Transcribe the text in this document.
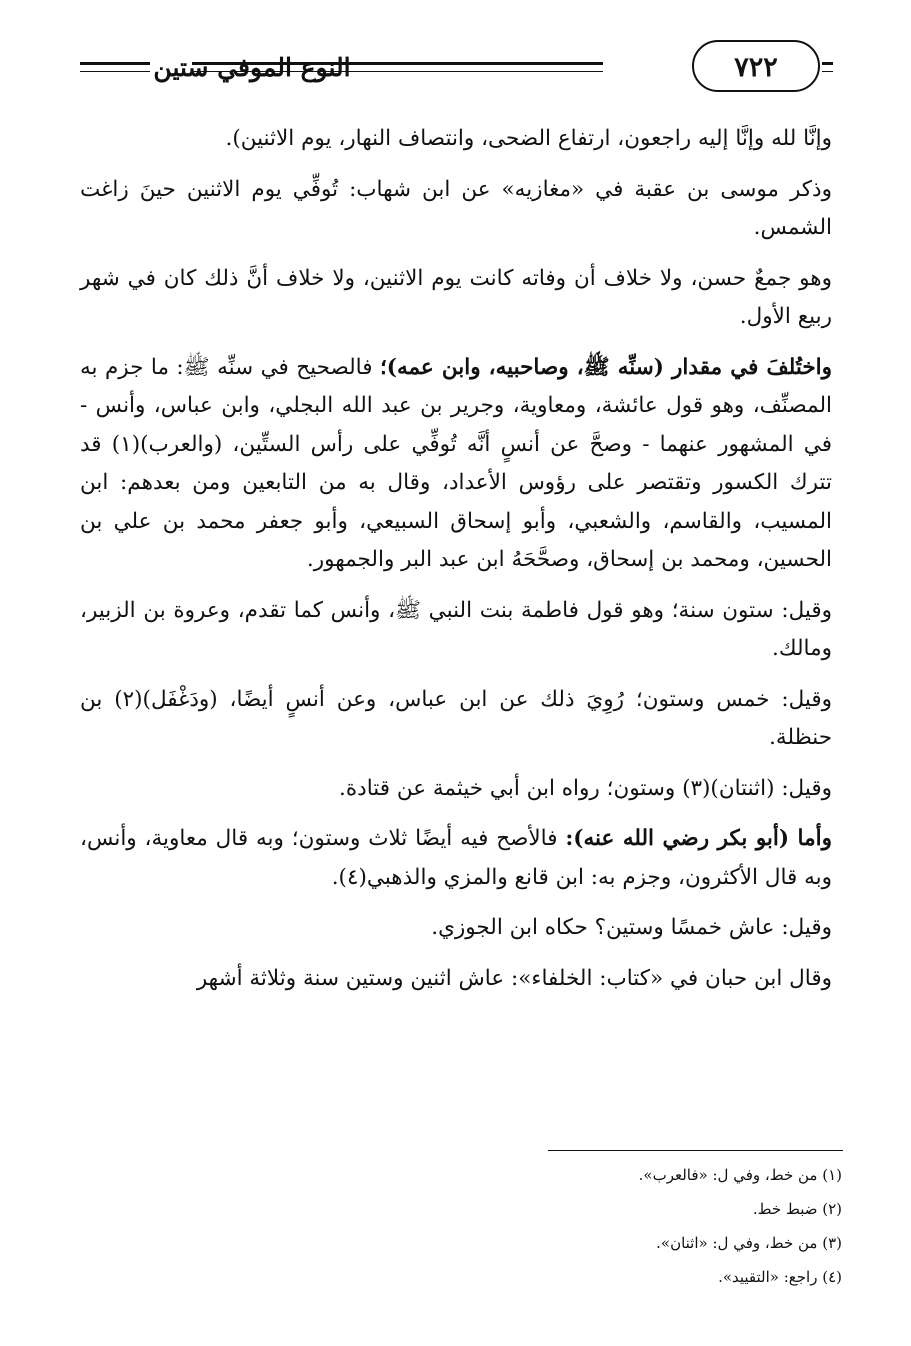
٧٢٢
النوع الموفي ستين

وإنَّا لله وإنَّا إليه راجعون، ارتفاع الضحى، وانتصاف النهار، يوم الاثنين).

وذكر موسى بن عقبة في «مغازيه» عن ابن شهاب: تُوفِّي يوم الاثنين حينَ زاغت الشمس.

وهو جمعٌ حسن، ولا خلاف أن وفاته كانت يوم الاثنين، ولا خلاف أنَّ ذلك كان في شهر ربيع الأول.

واختُلفَ في مقدار (سنِّه ﷺ، وصاحبيه، وابن عمه)؛ فالصحيح في سنِّه ﷺ: ما جزم به المصنِّف، وهو قول عائشة، ومعاوية، وجرير بن عبد الله البجلي، وابن عباس، وأنس - في المشهور عنهما - وصحَّ عن أنسٍ أنَّه تُوفِّي على رأس الستِّين، (والعرب)(١) قد تترك الكسور وتقتصر على رؤوس الأعداد، وقال به من التابعين ومن بعدهم: ابن المسيب، والقاسم، والشعبي، وأبو إسحاق السبيعي، وأبو جعفر محمد بن علي بن الحسين، ومحمد بن إسحاق، وصحَّحَهُ ابن عبد البر والجمهور.

وقيل: ستون سنة؛ وهو قول فاطمة بنت النبي ﷺ، وأنس كما تقدم، وعروة بن الزبير، ومالك.

وقيل: خمس وستون؛ رُوِيَ ذلك عن ابن عباس، وعن أنسٍ أيضًا، (ودَغْفَل)(٢) بن حنظلة.

وقيل: (اثنتان)(٣) وستون؛ رواه ابن أبي خيثمة عن قتادة.

وأما (أبو بكر رضي الله عنه): فالأصح فيه أيضًا ثلاث وستون؛ وبه قال معاوية، وأنس، وبه قال الأكثرون، وجزم به: ابن قانع والمزي والذهبي(٤).

وقيل: عاش خمسًا وستين؟ حكاه ابن الجوزي.

وقال ابن حبان في «كتاب: الخلفاء»: عاش اثنين وستين سنة وثلاثة أشهر

(١) من خط، وفي ل: «فالعرب».
(٢) ضبط خط.
(٣) من خط، وفي ل: «اثنان».
(٤) راجع: «التقييد».
